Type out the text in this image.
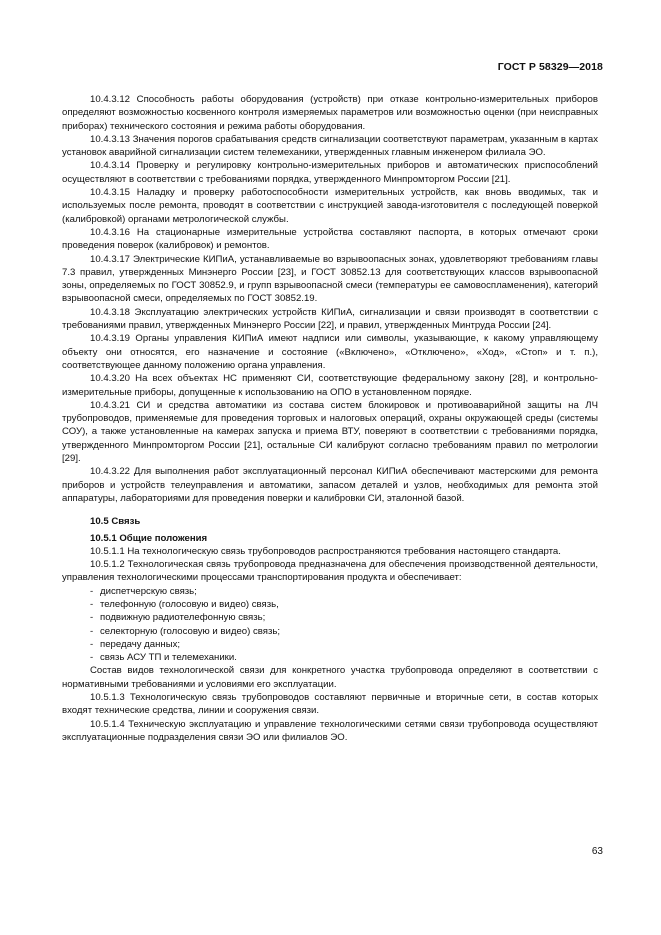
ГОСТ Р 58329—2018

10.4.3.12 Способность работы оборудования (устройств) при отказе контрольно-измерительных приборов определяют возможностью косвенного контроля измеряемых параметров или возможностью оценки (при неисправных приборах) технического состояния и режима работы оборудования.

10.4.3.13 Значения порогов срабатывания средств сигнализации соответствуют параметрам, указанным в картах установок аварийной сигнализации систем телемеханики, утвержденных главным инженером филиала ЭО.

10.4.3.14 Проверку и регулировку контрольно-измерительных приборов и автоматических приспособлений осуществляют в соответствии с требованиями порядка, утвержденного Минпромторгом России [21].

10.4.3.15 Наладку и проверку работоспособности измерительных устройств, как вновь вводимых, так и используемых после ремонта, проводят в соответствии с инструкцией завода-изготовителя с последующей поверкой (калибровкой) органами метрологической службы.

10.4.3.16 На стационарные измерительные устройства составляют паспорта, в которых отмечают сроки проведения поверок (калибровок) и ремонтов.

10.4.3.17 Электрические КИПиА, устанавливаемые во взрывоопасных зонах, удовлетворяют требованиям главы 7.3 правил, утвержденных Минэнерго России [23], и ГОСТ 30852.13 для соответствующих классов взрывоопасной зоны, определяемых по ГОСТ 30852.9, и групп взрывоопасной смеси (температуры ее самовоспламенения), категорий взрывоопасной смеси, определяемых по ГОСТ 30852.19.

10.4.3.18 Эксплуатацию электрических устройств КИПиА, сигнализации и связи производят в соответствии с требованиями правил, утвержденных Минэнерго России [22], и правил, утвержденных Минтруда России [24].

10.4.3.19 Органы управления КИПиА имеют надписи или символы, указывающие, к какому управляющему объекту они относятся, его назначение и состояние («Включено», «Отключено», «Ход», «Стоп» и т. п.), соответствующее данному положению органа управления.

10.4.3.20 На всех объектах НС применяют СИ, соответствующие федеральному закону [28], и контрольно-измерительные приборы, допущенные к использованию на ОПО в установленном порядке.

10.4.3.21 СИ и средства автоматики из состава систем блокировок и противоаварийной защиты на ЛЧ трубопроводов, применяемые для проведения торговых и налоговых операций, охраны окружающей среды (системы СОУ), а также установленные на камерах запуска и приема ВТУ, поверяют в соответствии с требованиями порядка, утвержденного Минпромторгом России [21], остальные СИ калибруют согласно требованиям правил по метрологии [29].

10.4.3.22 Для выполнения работ эксплуатационный персонал КИПиА обеспечивают мастерскими для ремонта приборов и устройств телеуправления и автоматики, запасом деталей и узлов, необходимых для ремонта этой аппаратуры, лабораториями для проведения поверки и калибровки СИ, эталонной базой.

10.5 Связь
10.5.1 Общие положения

10.5.1.1 На технологическую связь трубопроводов распространяются требования настоящего стандарта.

10.5.1.2 Технологическая связь трубопровода предназначена для обеспечения производственной деятельности, управления технологическими процессами транспортирования продукта и обеспечивает:

- диспетчерскую связь;
- телефонную (голосовую и видео) связь,
- подвижную радиотелефонную связь;
- селекторную (голосовую и видео) связь;
- передачу данных;
- связь АСУ ТП и телемеханики.

Состав видов технологической связи для конкретного участка трубопровода определяют в соответствии с нормативными требованиями и условиями его эксплуатации.

10.5.1.3 Технологическую связь трубопроводов составляют первичные и вторичные сети, в состав которых входят технические средства, линии и сооружения связи.

10.5.1.4 Техническую эксплуатацию и управление технологическими сетями связи трубопровода осуществляют эксплуатационные подразделения связи ЭО или филиалов ЭО.

63
